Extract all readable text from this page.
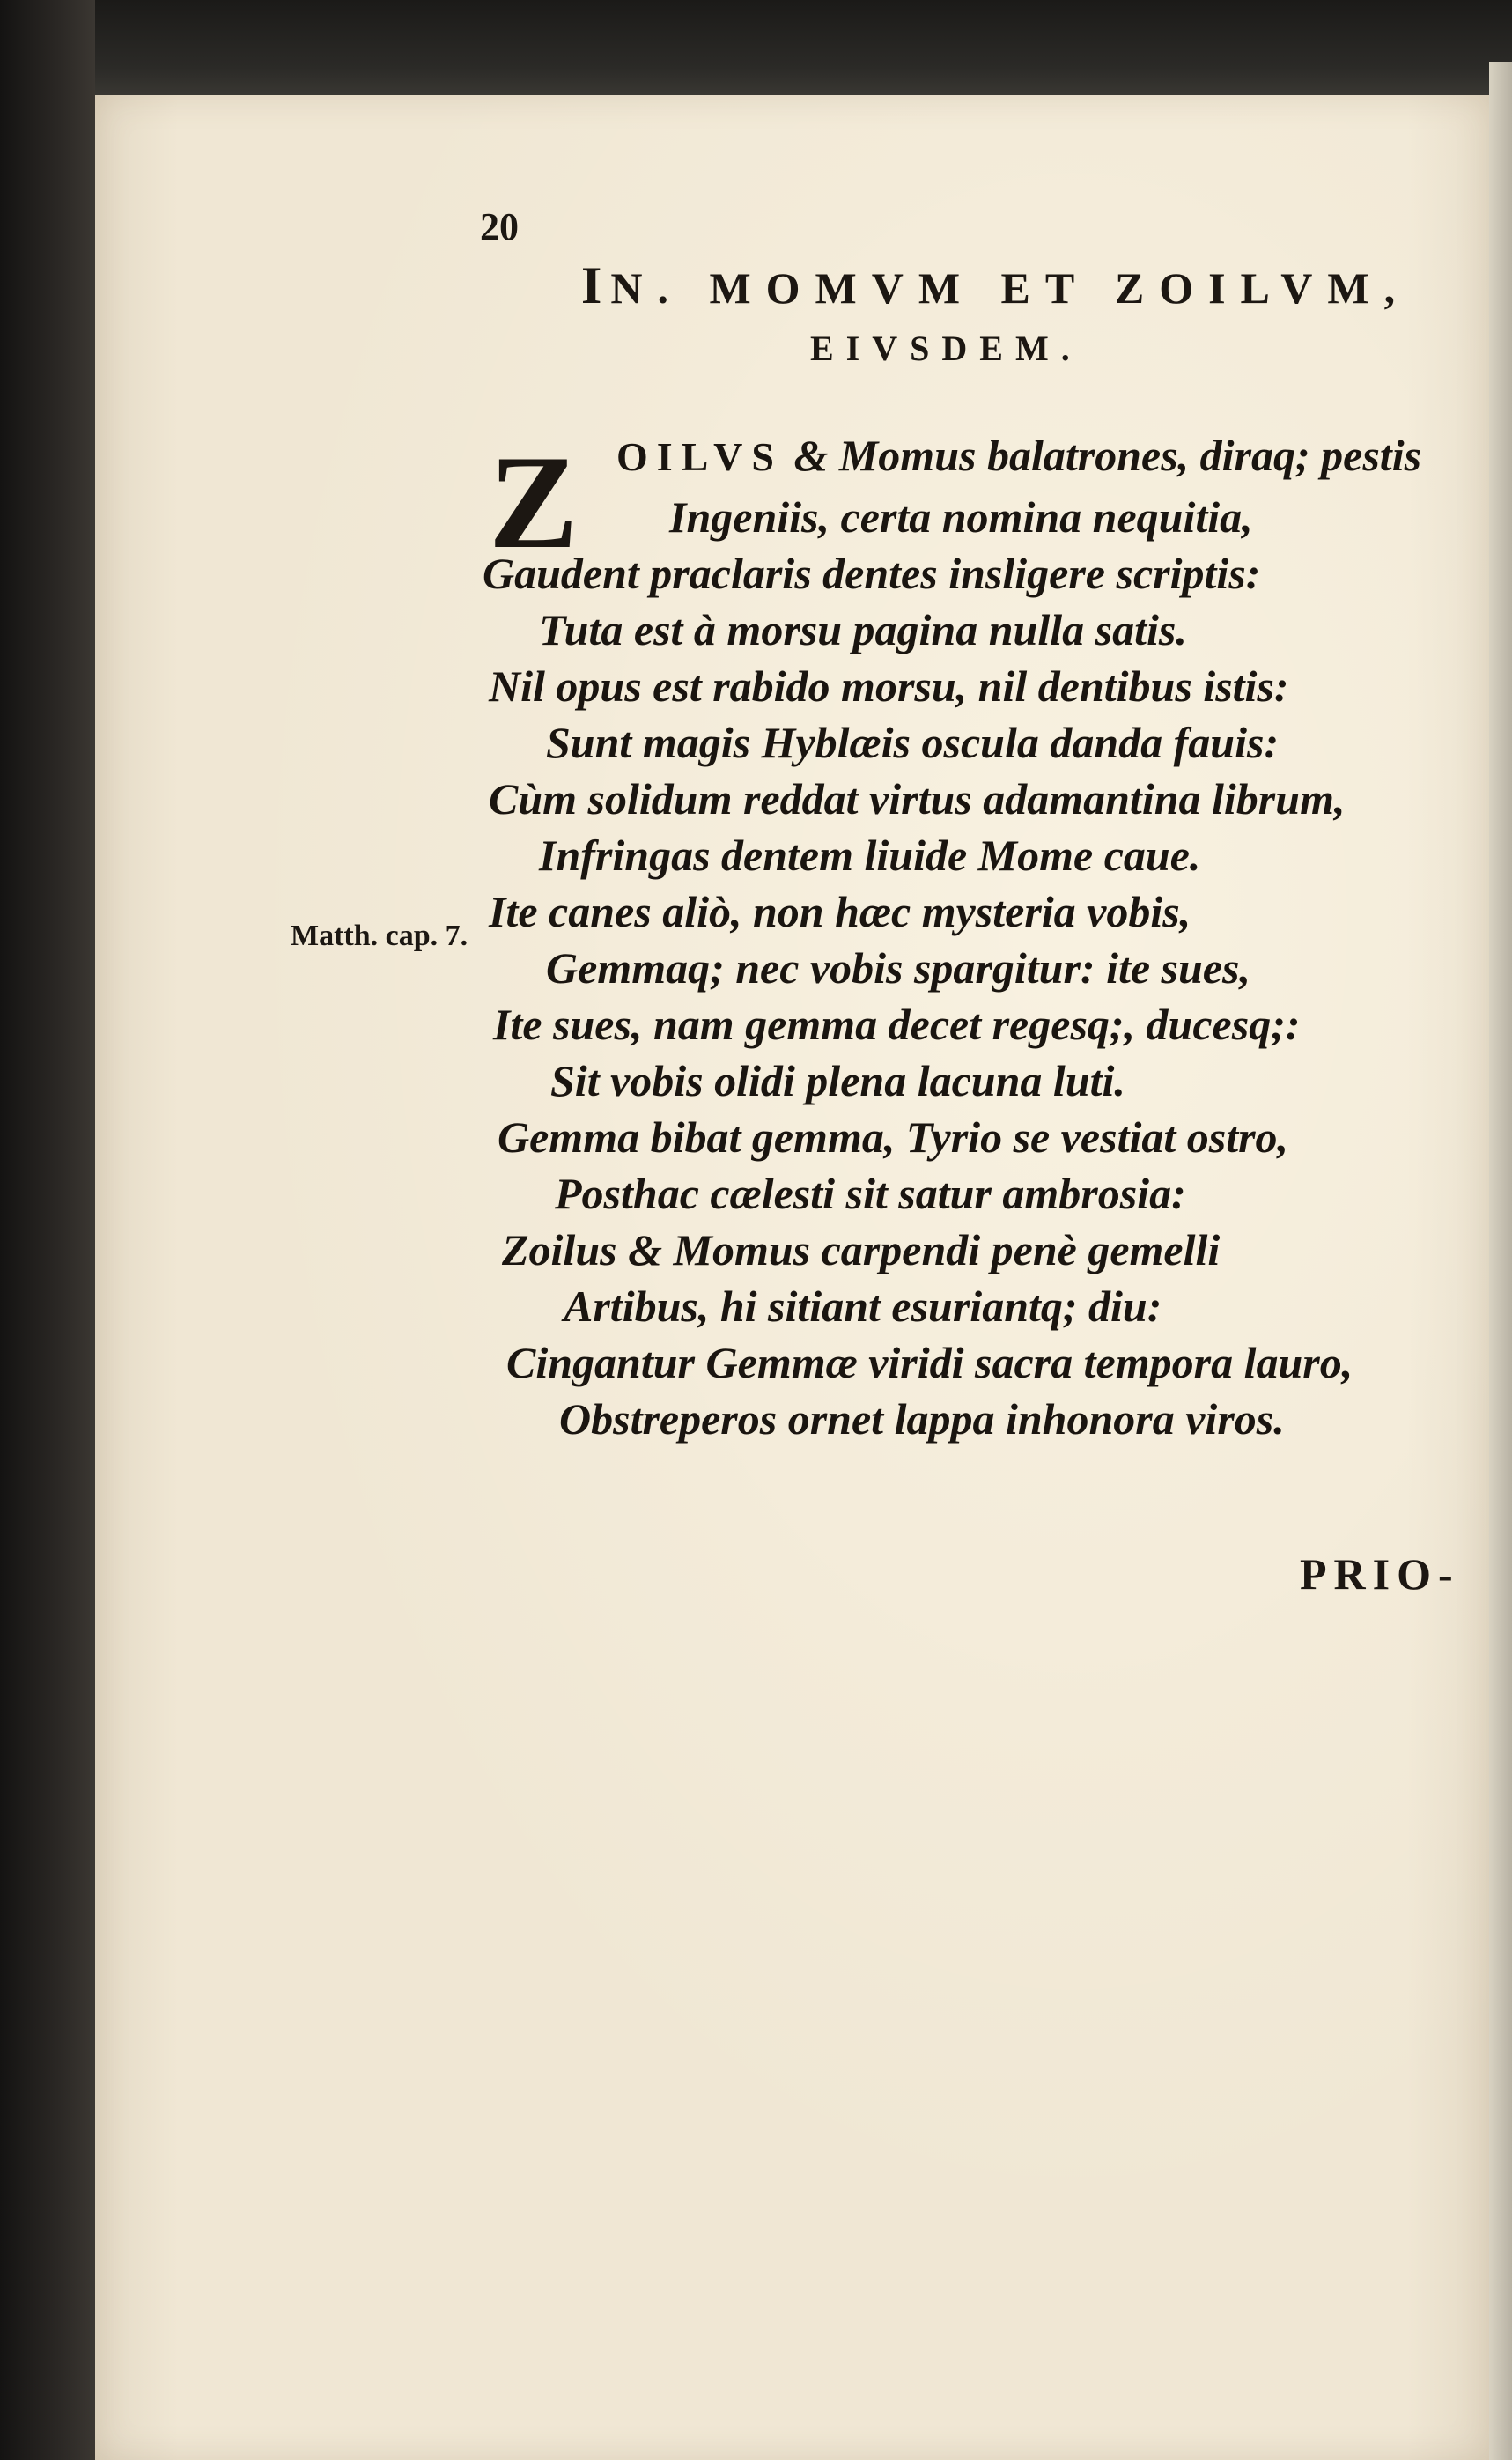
20
IN. MOMVM ET ZOILVM,
EIVSDEM.
Z OILVS & Momus balatrones, diraq; pestis
Ingeniis, certa nomina nequitia,
Gaudent praclaris dentes insligere scriptis:
Tuta est à morsu pagina nulla satis.
Nil opus est rabido morsu, nil dentibus istis:
Sunt magis Hyblæis oscula danda fauis:
Cùm solidum reddat virtus adamantina librum,
Infringas dentem liuide Mome caue.
Ite canes aliò, non hæc mysteria vobis,
Gemmaq; nec vobis spargitur: ite sues,
Ite sues, nam gemma decet regesq;, ducesq;:
Sit vobis olidi plena lacuna luti.
Gemma bibat gemma, Tyrio se vestiat ostro,
Posthac cælesti sit satur ambrosia:
Zoilus & Momus carpendi penè gemelli
Artibus, hi sitiant esuriantq; diu:
Cingantur Gemmæ viridi sacra tempora lauro,
Obstreperos ornet lappa inhonora viros.
Matth. cap. 7.
PRIO-
